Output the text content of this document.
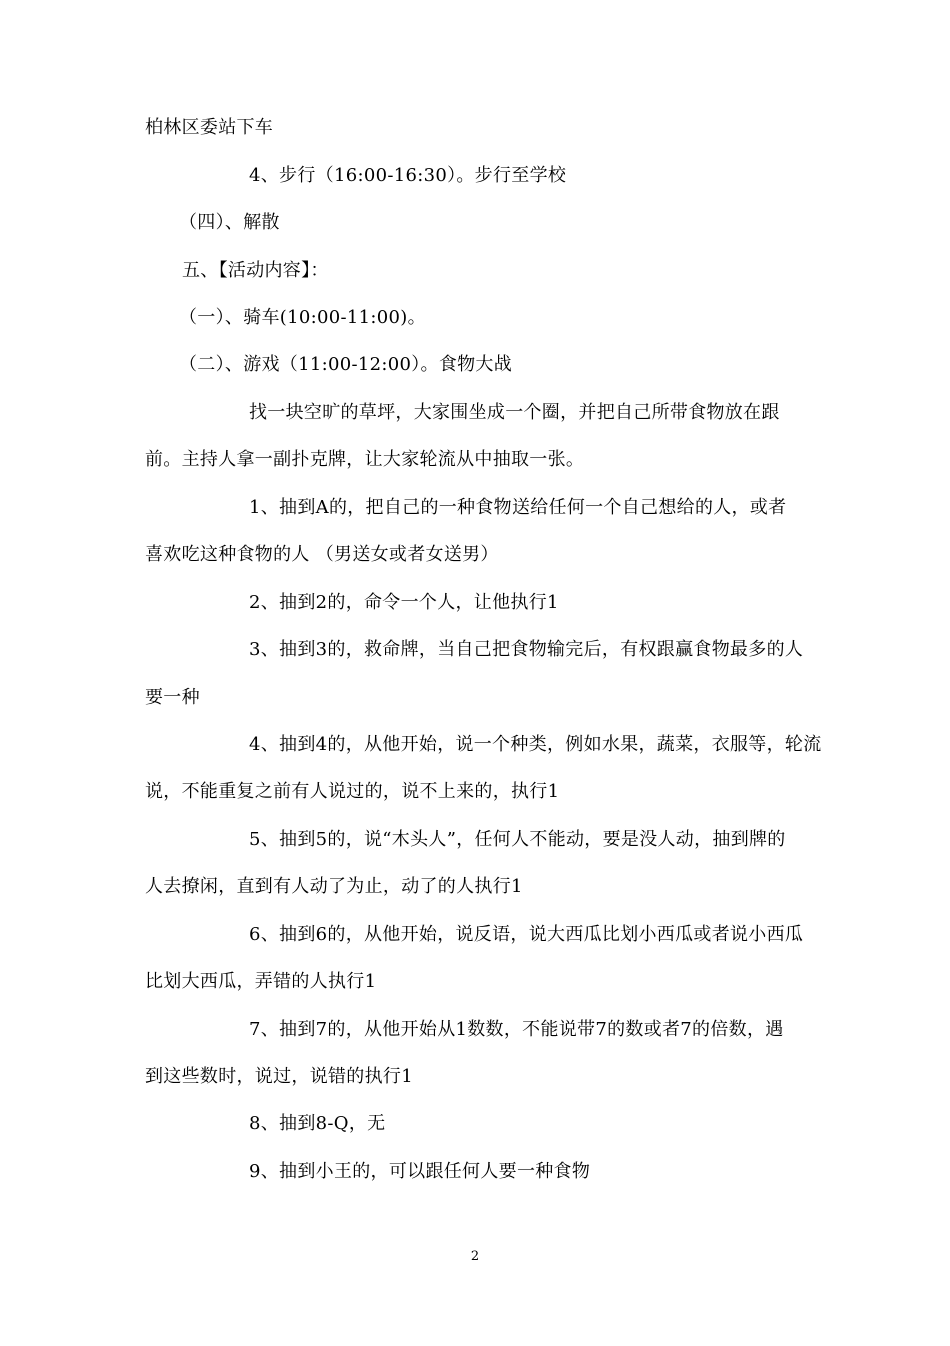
柏林区委站下车
4、步行（16:00-16:30）。步行至学校
（四）、解散
五、【活动内容】：
（一）、骑车(10:00-11:00)。
（二）、游戏（11:00-12:00）。食物大战
找一块空旷的草坪，大家围坐成一个圈，并把自己所带食物放在跟
前。主持人拿一副扑克牌，让大家轮流从中抽取一张。
1、抽到A的，把自己的一种食物送给任何一个自己想给的人，或者
喜欢吃这种食物的人 （男送女或者女送男）
2、抽到2的，命令一个人，让他执行1
3、抽到3的，救命牌，当自己把食物输完后，有权跟赢食物最多的人
要一种
4、抽到4的，从他开始，说一个种类，例如水果，蔬菜，衣服等，轮流
说，不能重复之前有人说过的，说不上来的，执行1
5、抽到5的，说“木头人”，任何人不能动，要是没人动，抽到牌的
人去撩闲，直到有人动了为止，动了的人执行1
6、抽到6的，从他开始，说反语，说大西瓜比划小西瓜或者说小西瓜
比划大西瓜，弄错的人执行1
7、抽到7的，从他开始从1数数，不能说带7的数或者7的倍数，遇
到这些数时，说过，说错的执行1
8、抽到8-Q，无
9、抽到小王的，可以跟任何人要一种食物
2
